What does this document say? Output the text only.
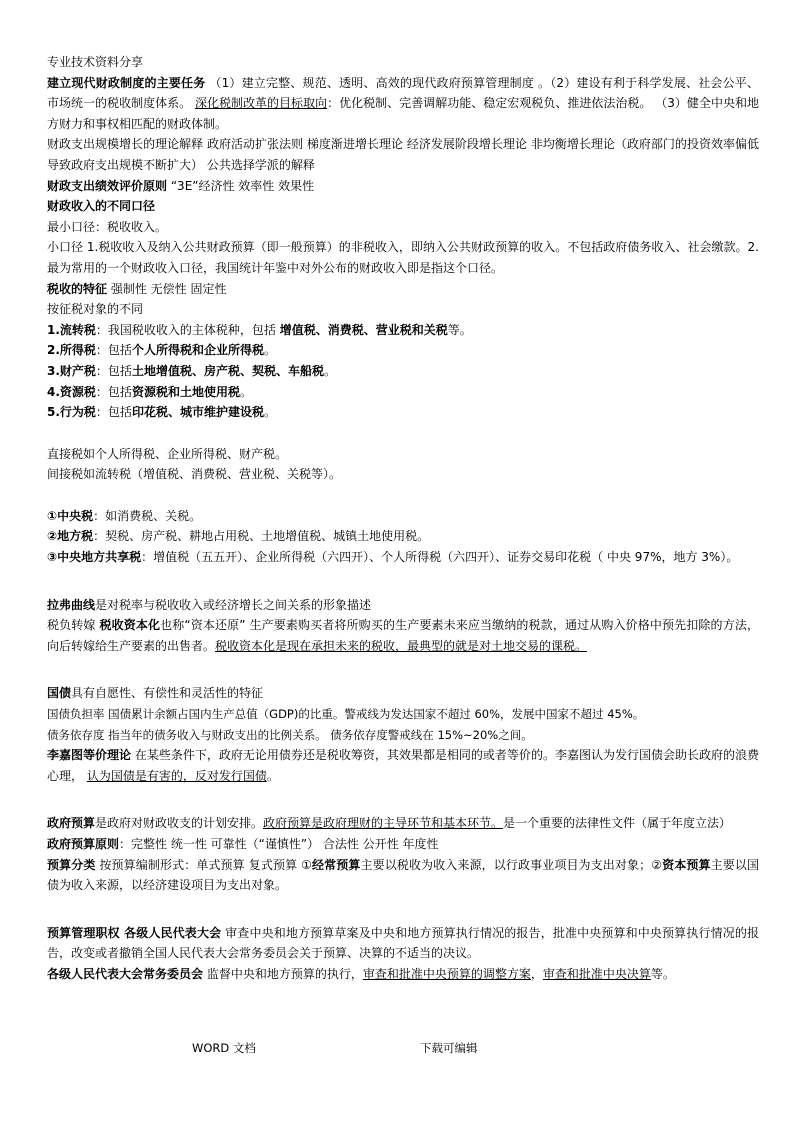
专业技术资料分享
建立现代财政制度的主要任务 （1）建立完整、规范、透明、高效的现代政府预算管理制度 。（2）建设有利于科学发展、社会公平、市场统一的税收制度体系。 深化税制改革的目标取向：优化税制、完善调解功能、稳定宏观税负、推进依法治税。 （3）健全中央和地方财力和事权相匹配的财政体制。
财政支出规模增长的理论解释 政府活动扩张法则 梯度渐进增长理论 经济发展阶段增长理论 非均衡增长理论（政府部门的投资效率偏低导致政府支出规模不断扩大） 公共选择学派的解释
财政支出绩效评价原则 “3E”经济性 效率性 效果性
财政收入的不同口径
最小口径：税收收入。
小口径 1.税收收入及纳入公共财政预算（即一般预算）的非税收入，即纳入公共财政预算的收入。不包括政府债务收入、社会缴款。2.最为常用的一个财政收入口径，我国统计年鉴中对外公布的财政收入即是指这个口径。
税收的特征 强制性 无偿性 固定性
按征税对象的不同
1.流转税：我国税收收入的主体税种，包括 增值税、消费税、营业税和关税等。
2.所得税：包括个人所得税和企业所得税。
3.财产税：包括土地增值税、房产税、契税、车船税。
4.资源税：包括资源税和土地使用税。
5.行为税：包括印花税、城市维护建设税。
直接税如个人所得税、企业所得税、财产税。
间接税如流转税（增值税、消费税、营业税、关税等）。
①中央税：如消费税、关税。
②地方税：契税、房产税、耕地占用税、土地增值税、城镇土地使用税。
③中央地方共享税：增值税（五五开）、企业所得税（六四开）、个人所得税（六四开）、证券交易印花税（ 中央 97%，地方 3%）。
拉弗曲线是对税率与税收收入或经济增长之间关系的形象描述
税负转嫁 税收资本化也称“资本还原” 生产要素购买者将所购买的生产要素未来应当缴纳的税款，通过从购入价格中预先扣除的方法，向后转嫁给生产要素的出售者。税收资本化是现在承担未来的税收，最典型的就是对土地交易的课税。
国债具有自愿性、有偿性和灵活性的特征
国债负担率 国债累计余额占国内生产总值（GDP)的比重。警戒线为发达国家不超过 60%，发展中国家不超过 45%。
债务依存度 指当年的债务收入与财政支出的比例关系。 债务依存度警戒线在 15%~20%之间。
李嘉图等价理论 在某些条件下，政府无论用债券还是税收筹资，其效果都是相同的或者等价的。李嘉图认为发行国债会助长政府的浪费心理， 认为国债是有害的，反对发行国债。
政府预算是政府对财政收支的计划安排。政府预算是政府理财的主导环节和基本环节。是一个重要的法律性文件（属于年度立法）
政府预算原则：完整性 统一性 可靠性（“谨慎性”） 合法性 公开性 年度性
预算分类 按预算编制形式：单式预算 复式预算 ①经常预算主要以税收为收入来源，以行政事业项目为支出对象；②资本预算主要以国债为收入来源，以经济建设项目为支出对象。
预算管理职权 各级人民代表大会 审查中央和地方预算草案及中央和地方预算执行情况的报告，批准中央预算和中央预算执行情况的报告，改变或者撤销全国人民代表大会常务委员会关于预算、决算的不适当的决议。
各级人民代表大会常务委员会 监督中央和地方预算的执行，审查和批准中央预算的调整方案，审查和批准中央决算等。
WORD 文档	下载可编辑
